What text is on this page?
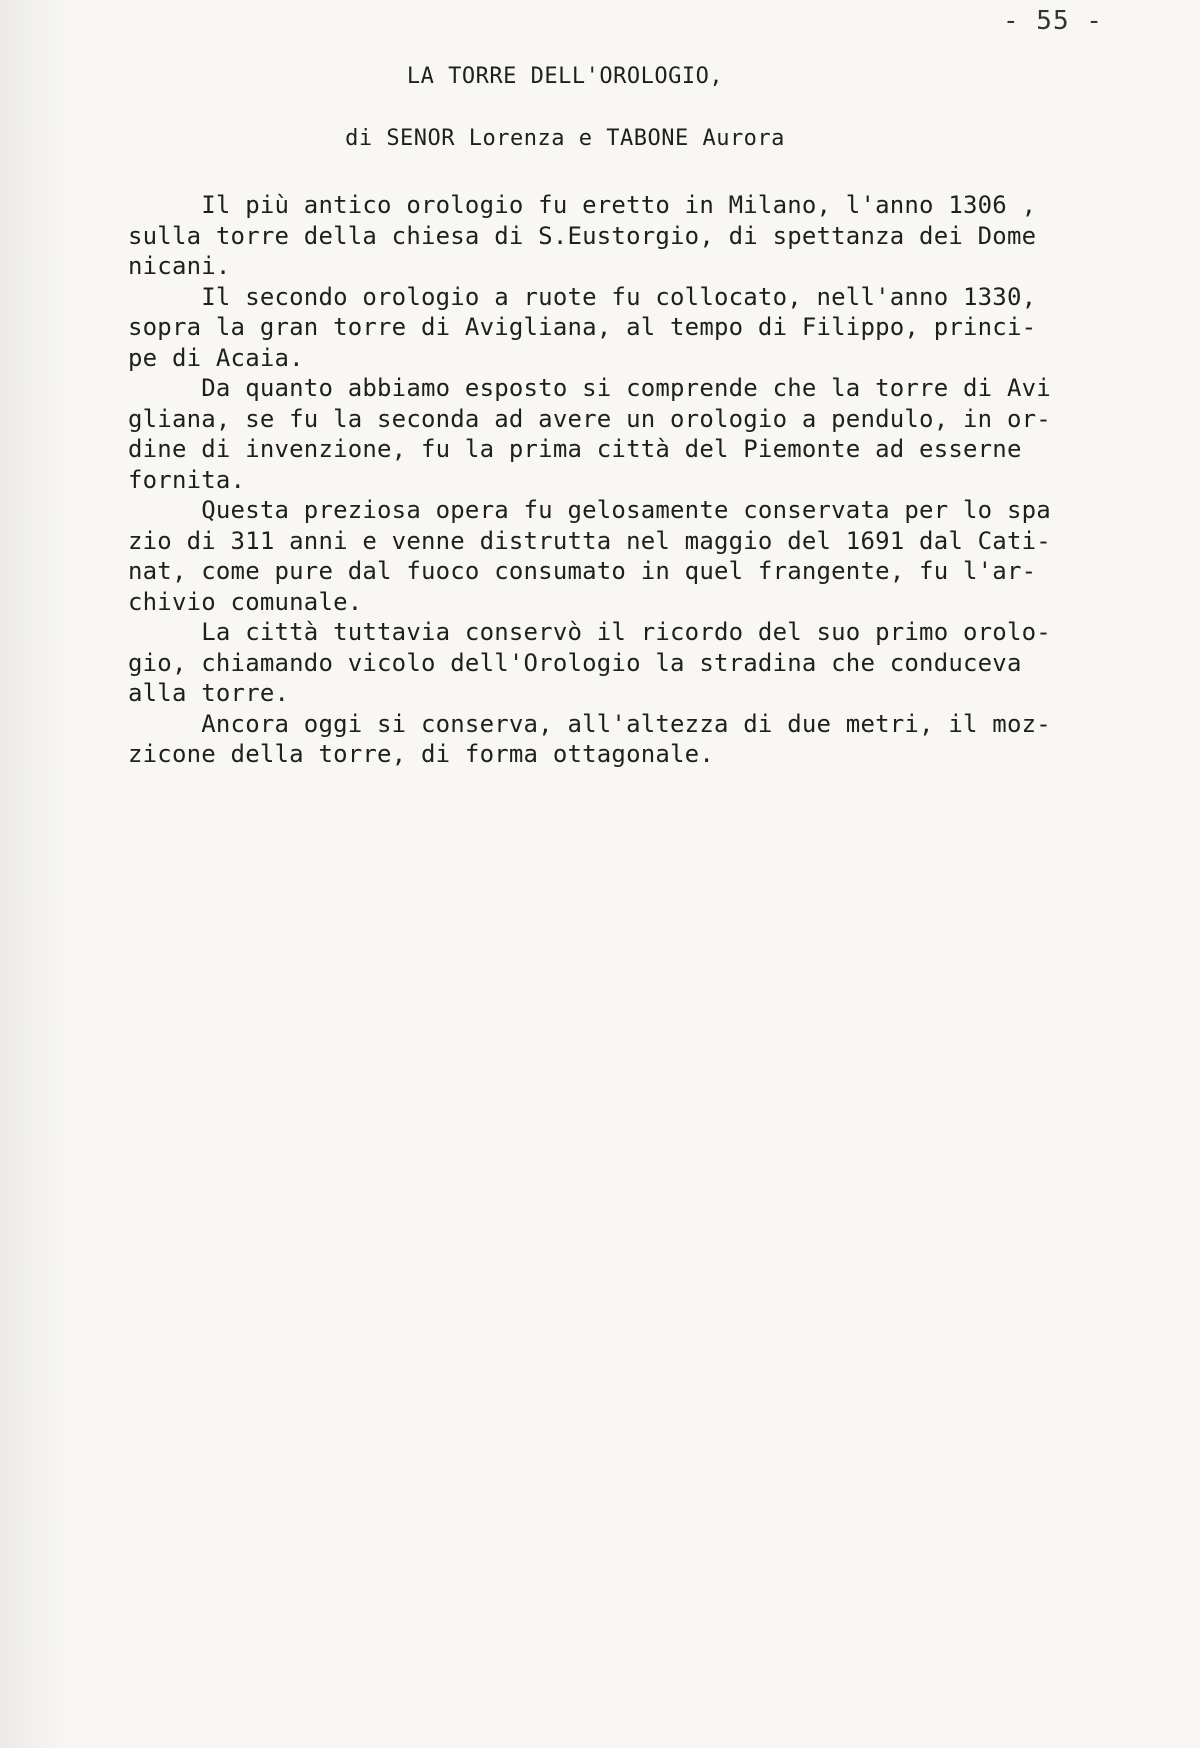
- 55 -
LA TORRE DELL'OROLOGIO,
di SENOR Lorenza e TABONE Aurora
Il più antico orologio fu eretto in Milano, l'anno 1306 ,
sulla torre della chiesa di S.Eustorgio, di spettanza dei Dome
nicani.
Il secondo orologio a ruote fu collocato, nell'anno 1330,
sopra la gran torre di Avigliana, al tempo di Filippo, princi-
pe di Acaia.
Da quanto abbiamo esposto si comprende che la torre di Avi
gliana, se fu la seconda ad avere un orologio a pendulo, in or-
dine di invenzione, fu la prima città del Piemonte ad esserne
fornita.
Questa preziosa opera fu gelosamente conservata per lo spa
zio di 311 anni e venne distrutta nel maggio del 1691 dal Cati-
nat, come pure dal fuoco consumato in quel frangente, fu l'ar-
chivio comunale.
La città tuttavia conservò il ricordo del suo primo orolo-
gio, chiamando vicolo dell'Orologio la stradina che conduceva
alla torre.
Ancora oggi si conserva, all'altezza di due metri, il moz-
zicone della torre, di forma ottagonale.
